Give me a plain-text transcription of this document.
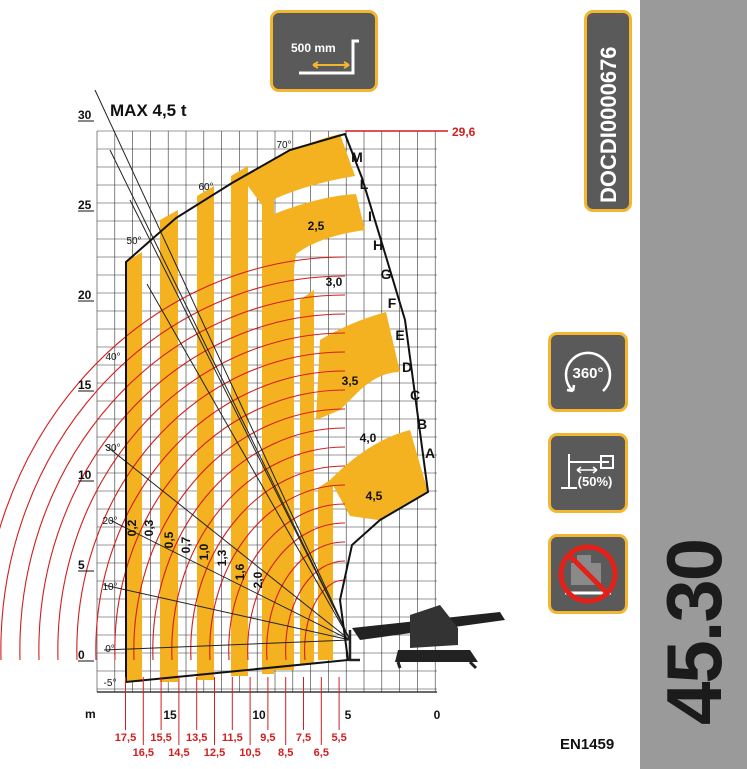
45.30
DOCDI0000676
500 mm
360°
(50%)
EN1459
MAX 4,5 t
29,6
m
30
25
20
15
10
5
0
15	10	5	0
17,5 15,5 13,5 11,5 9,5 7,5 5,5
16,5 14,5 12,5 10,5 8,5 6,5
70°
60°
50°
40°
30°
20°
10°
0°
-5°
A
B
C
D
E
F
G
H
I
L
M
0,2 0,3
0,5 0,7 1,0 1,3
1,6 2,0
2,5
3,0
3,5
4,0
4,5
